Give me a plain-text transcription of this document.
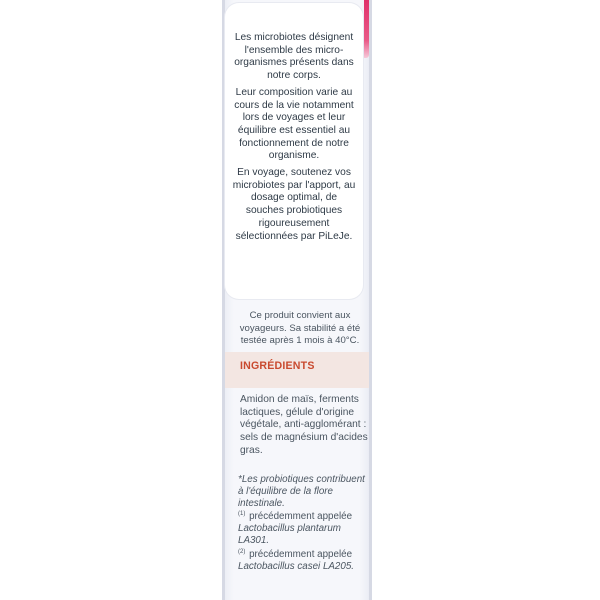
Les microbiotes désignent l'ensemble des micro-organismes présents dans notre corps.

Leur composition varie au cours de la vie notamment lors de voyages et leur équilibre est essentiel au fonctionnement de notre organisme.

En voyage, soutenez vos microbiotes par l'apport, au dosage optimal, de souches probiotiques rigoureusement sélectionnées par PiLeJe.

Ce produit convient aux voyageurs. Sa stabilité a été testée après 1 mois à 40°C.
INGRÉDIENTS
Amidon de maïs, ferments lactiques, gélule d'origine végétale, anti-agglomérant : sels de magnésium d'acides gras.
*Les probiotiques contribuent à l'équilibre de la flore intestinale.
$^{(1)}$ précédemment appelée Lactobacillus plantarum LA301.
$^{(2)}$ précédemment appelée Lactobacillus casei LA205.
